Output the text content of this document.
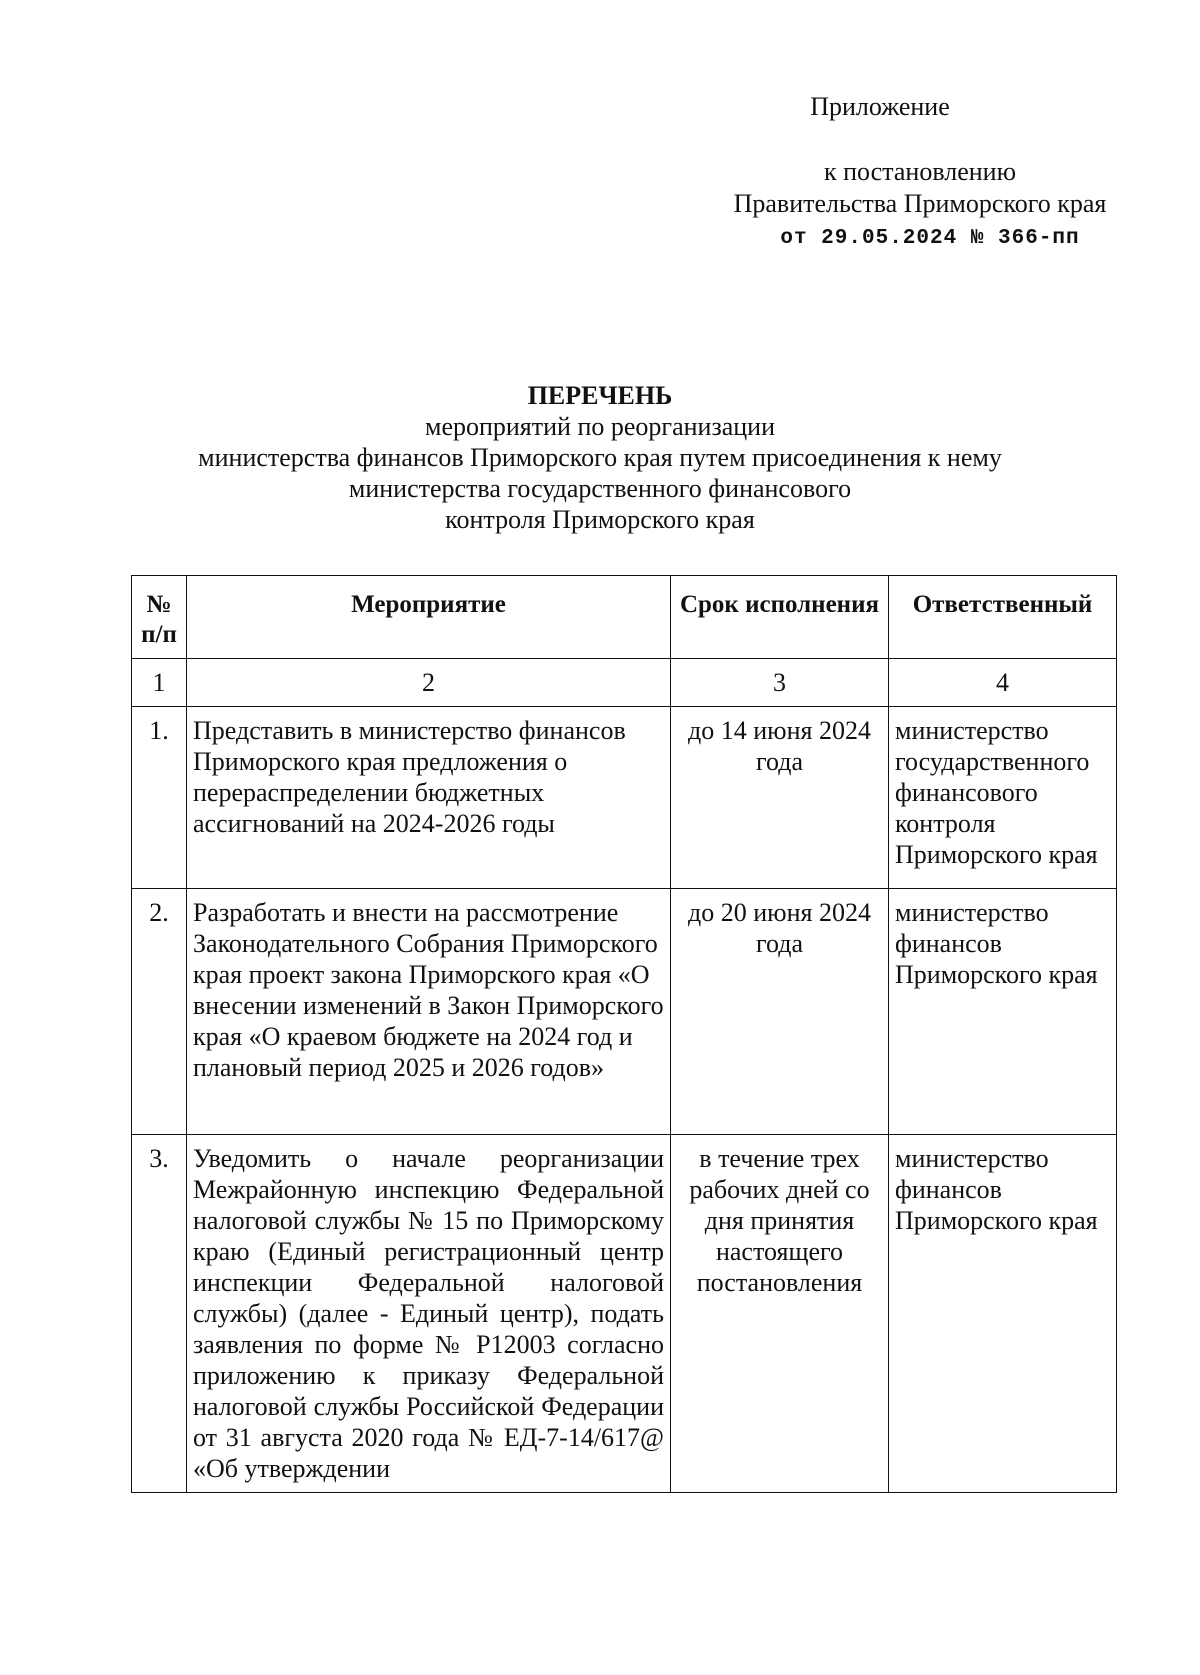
Приложение
к постановлению
Правительства Приморского края
от 29.05.2024 № 366-пп
ПЕРЕЧЕНЬ
мероприятий по реорганизации
министерства финансов Приморского края путем присоединения к нему
министерства государственного финансового
контроля Приморского края
№ п/п	Мероприятие	Срок исполнения	Ответственный
1	2	3	4
1.	Представить в министерство финансов Приморского края предложения о перераспределении бюджетных ассигнований на 2024-2026 годы	до 14 июня 2024 года	министерство государственного финансового контроля Приморского края
2.	Разработать и внести на рассмотрение Законодательного Собрания Приморского края проект закона Приморского края «О внесении изменений в Закон Приморского края «О краевом бюджете на 2024 год и плановый период 2025 и 2026 годов»	до 20 июня 2024 года	министерство финансов Приморского края
3.	Уведомить о начале реорганизации Межрайонную инспекцию Федеральной налоговой службы № 15 по Приморскому краю (Единый регистрационный центр инспекции Федеральной налоговой службы) (далее - Единый центр), подать заявления по форме № Р12003 согласно приложению к приказу Федеральной налоговой службы Российской Федерации от 31 августа 2020 года № ЕД-7-14/617@ «Об утверждении	в течение трех рабочих дней со дня принятия настоящего постановления	министерство финансов Приморского края
